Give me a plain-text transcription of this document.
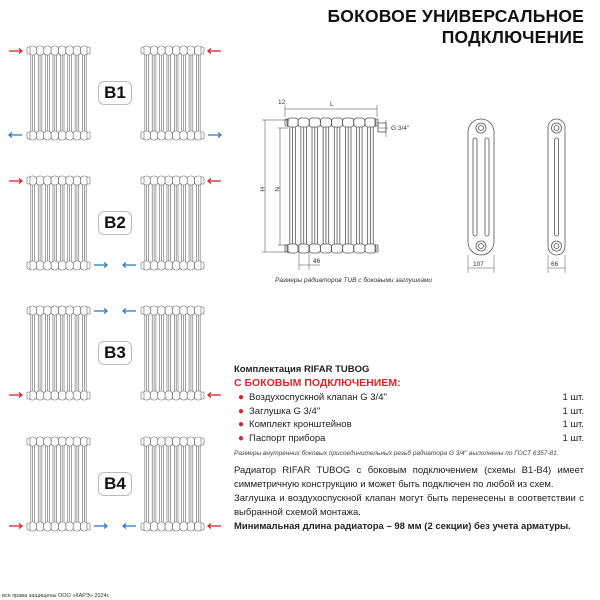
БОКОВОЕ УНИВЕРСАЛЬНОЕ
ПОДКЛЮЧЕНИЕ
B1
B2
B3
B4
12	L
G 3/4''
H N
46	107	66
Размеры радиаторов TUB с боковыми заглушками
Комплектация RIFAR TUBOG
С БОКОВЫМ ПОДКЛЮЧЕНИЕМ:
● Воздухоспускной клапан G 3/4''	1 шт.
● Заглушка G 3/4''	1 шт.
● Комплект кронштейнов	1 шт.
● Паспорт прибора	1 шт.
Размеры внутренних боковых присоединительных резьб радиатора G 3/4'' выполнены по ГОСТ 6357-81.

Радиатор RIFAR TUBOG с боковым подключением (схемы B1-B4) имеет симметричную конструкцию и может быть подключен по любой из схем.

Заглушка и воздухоспускной клапан могут быть перенесены в соответствии с выбранной схемой монтажа.

Минимальная длина радиатора – 98 мм (2 секции) без учета арматуры.

все права защищены ООО «КАРЭ» 2024г.
